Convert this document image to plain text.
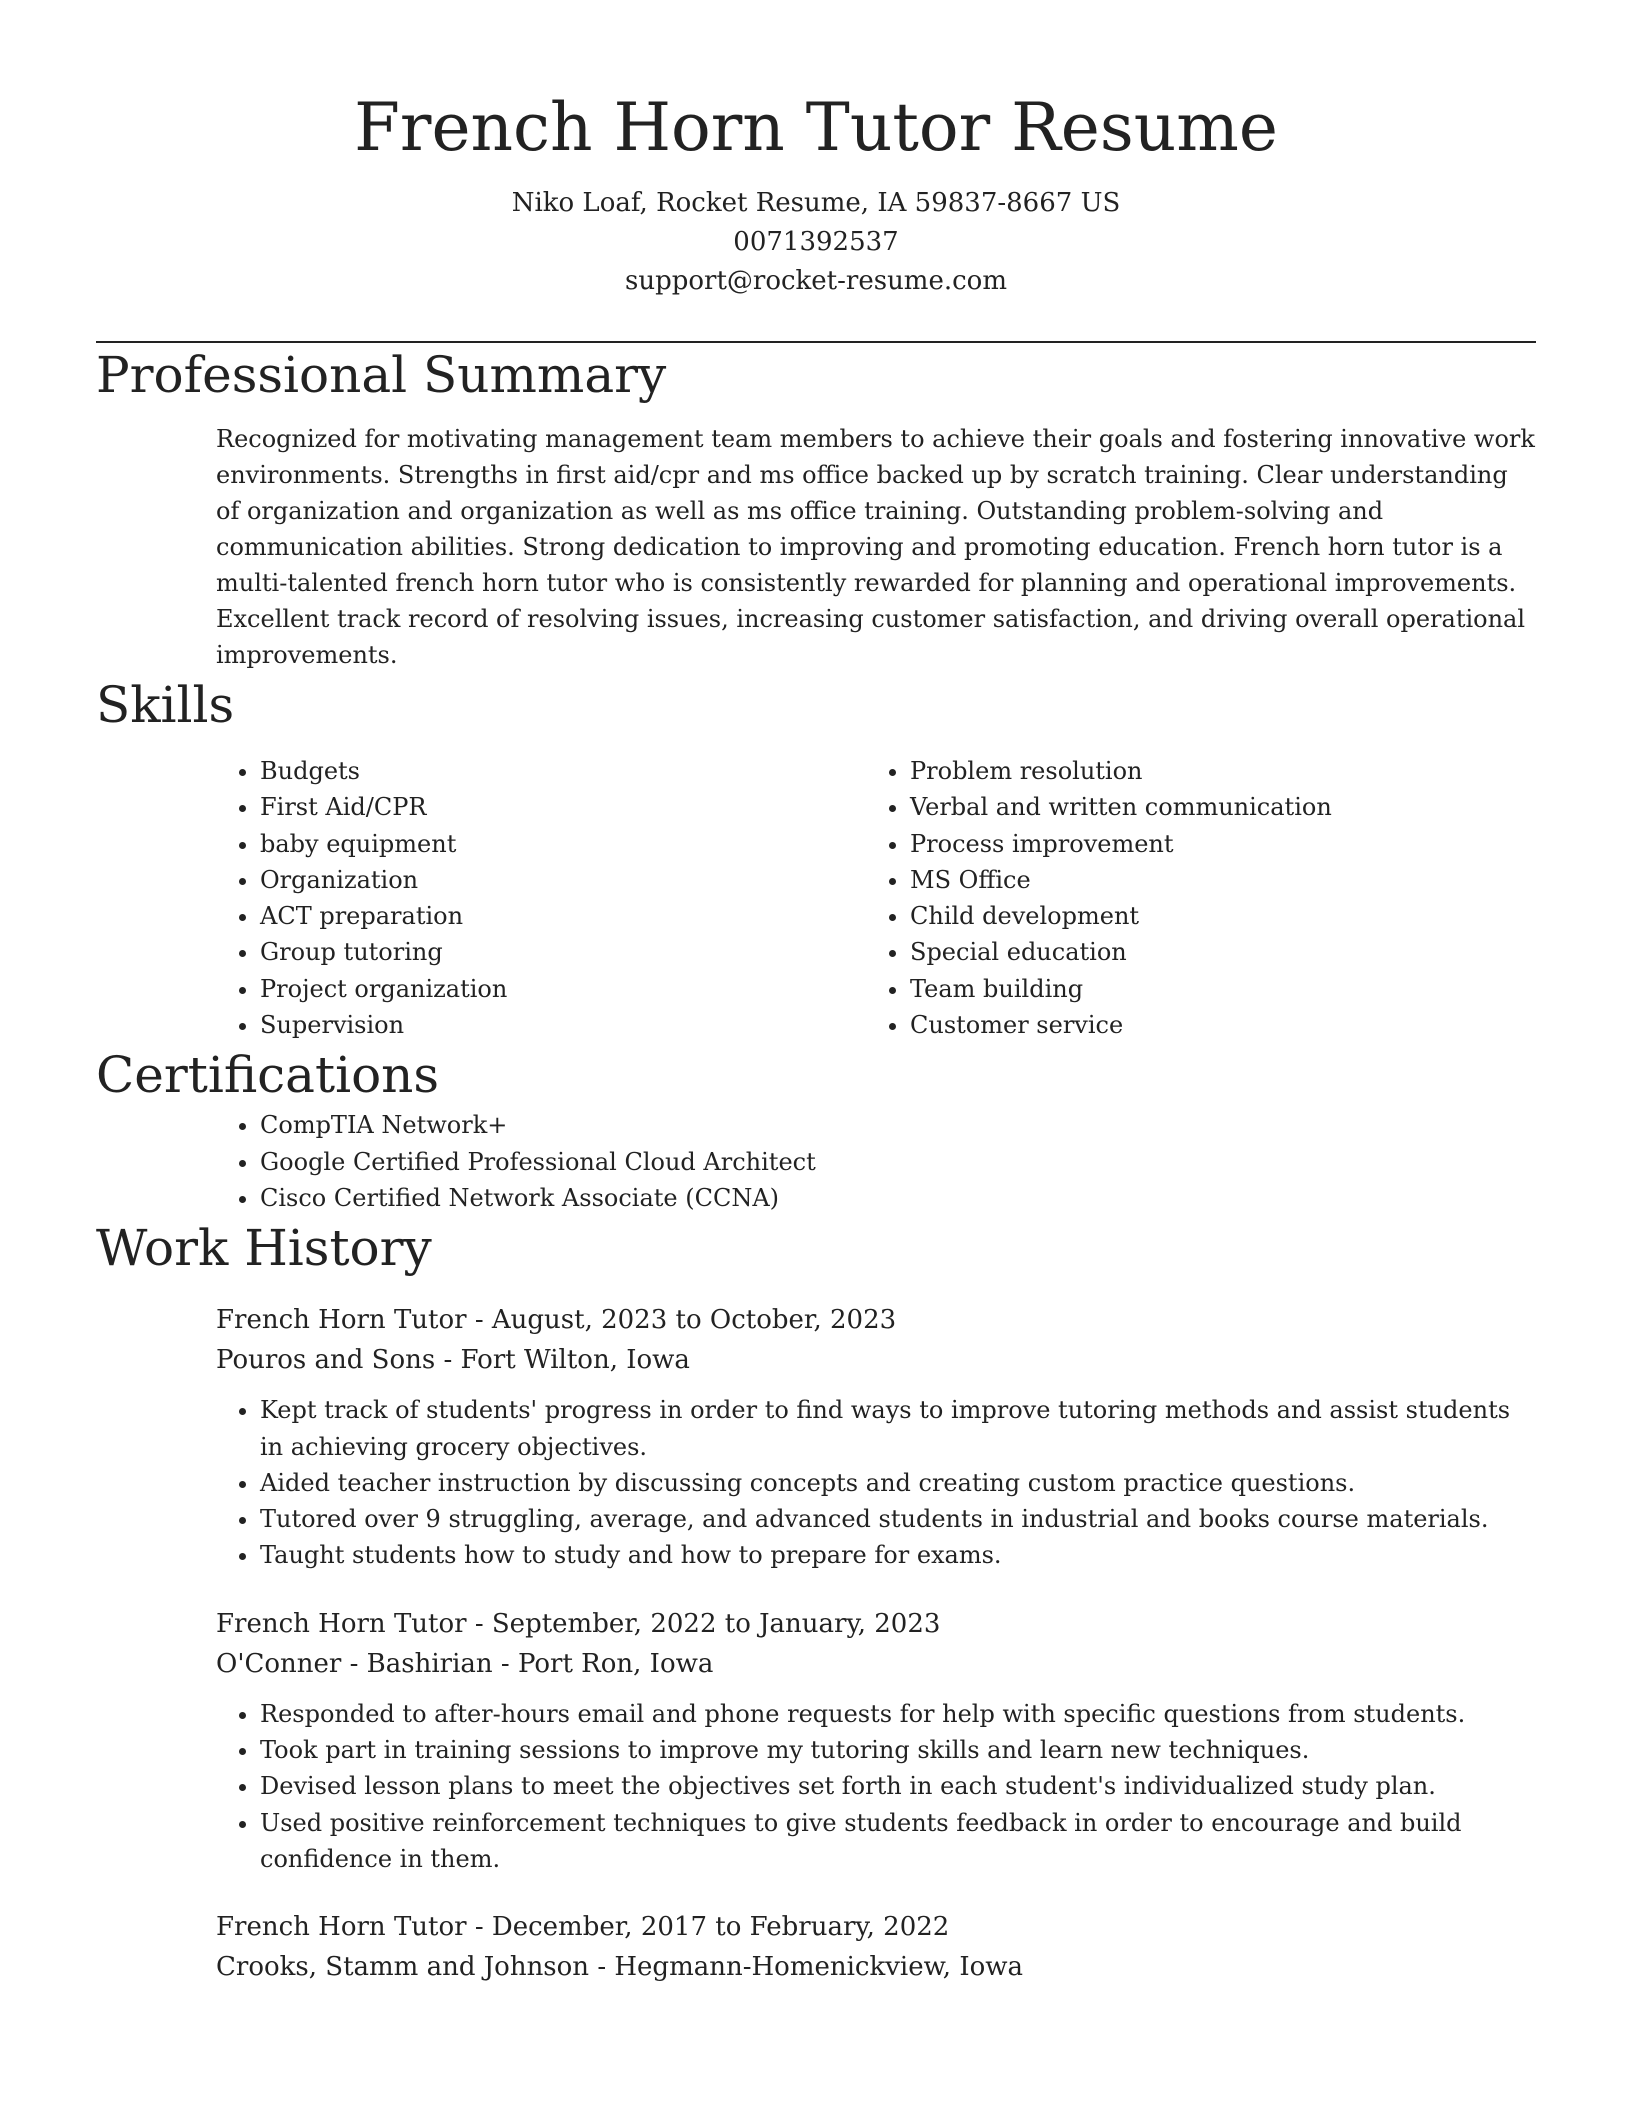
French Horn Tutor Resume
Niko Loaf, Rocket Resume, IA 59837-8667 US
0071392537
support@rocket-resume.com
Professional Summary

Recognized for motivating management team members to achieve their goals and fostering innovative work environments. Strengths in first aid/cpr and ms office backed up by scratch training. Clear understanding of organization and organization as well as ms office training. Outstanding problem-solving and communication abilities. Strong dedication to improving and promoting education. French horn tutor is a multi-talented french horn tutor who is consistently rewarded for planning and operational improvements. Excellent track record of resolving issues, increasing customer satisfaction, and driving overall operational improvements.

Skills
• Budgets
• First Aid/CPR
• baby equipment
• Organization
• ACT preparation
• Group tutoring
• Project organization
• Supervision
• Problem resolution
• Verbal and written communication
• Process improvement
• MS Office
• Child development
• Special education
• Team building
• Customer service
Certifications
• CompTIA Network+
• Google Certified Professional Cloud Architect
• Cisco Certified Network Associate (CCNA)
Work History
French Horn Tutor - August, 2023 to October, 2023
Pouros and Sons - Fort Wilton, Iowa
• Kept track of students' progress in order to find ways to improve tutoring methods and assist students in achieving grocery objectives.
• Aided teacher instruction by discussing concepts and creating custom practice questions.
• Tutored over 9 struggling, average, and advanced students in industrial and books course materials.
• Taught students how to study and how to prepare for exams.
French Horn Tutor - September, 2022 to January, 2023
O'Conner - Bashirian - Port Ron, Iowa
• Responded to after-hours email and phone requests for help with specific questions from students.
• Took part in training sessions to improve my tutoring skills and learn new techniques.
• Devised lesson plans to meet the objectives set forth in each student's individualized study plan.
• Used positive reinforcement techniques to give students feedback in order to encourage and build confidence in them.
French Horn Tutor - December, 2017 to February, 2022
Crooks, Stamm and Johnson - Hegmann-Homenickview, Iowa
